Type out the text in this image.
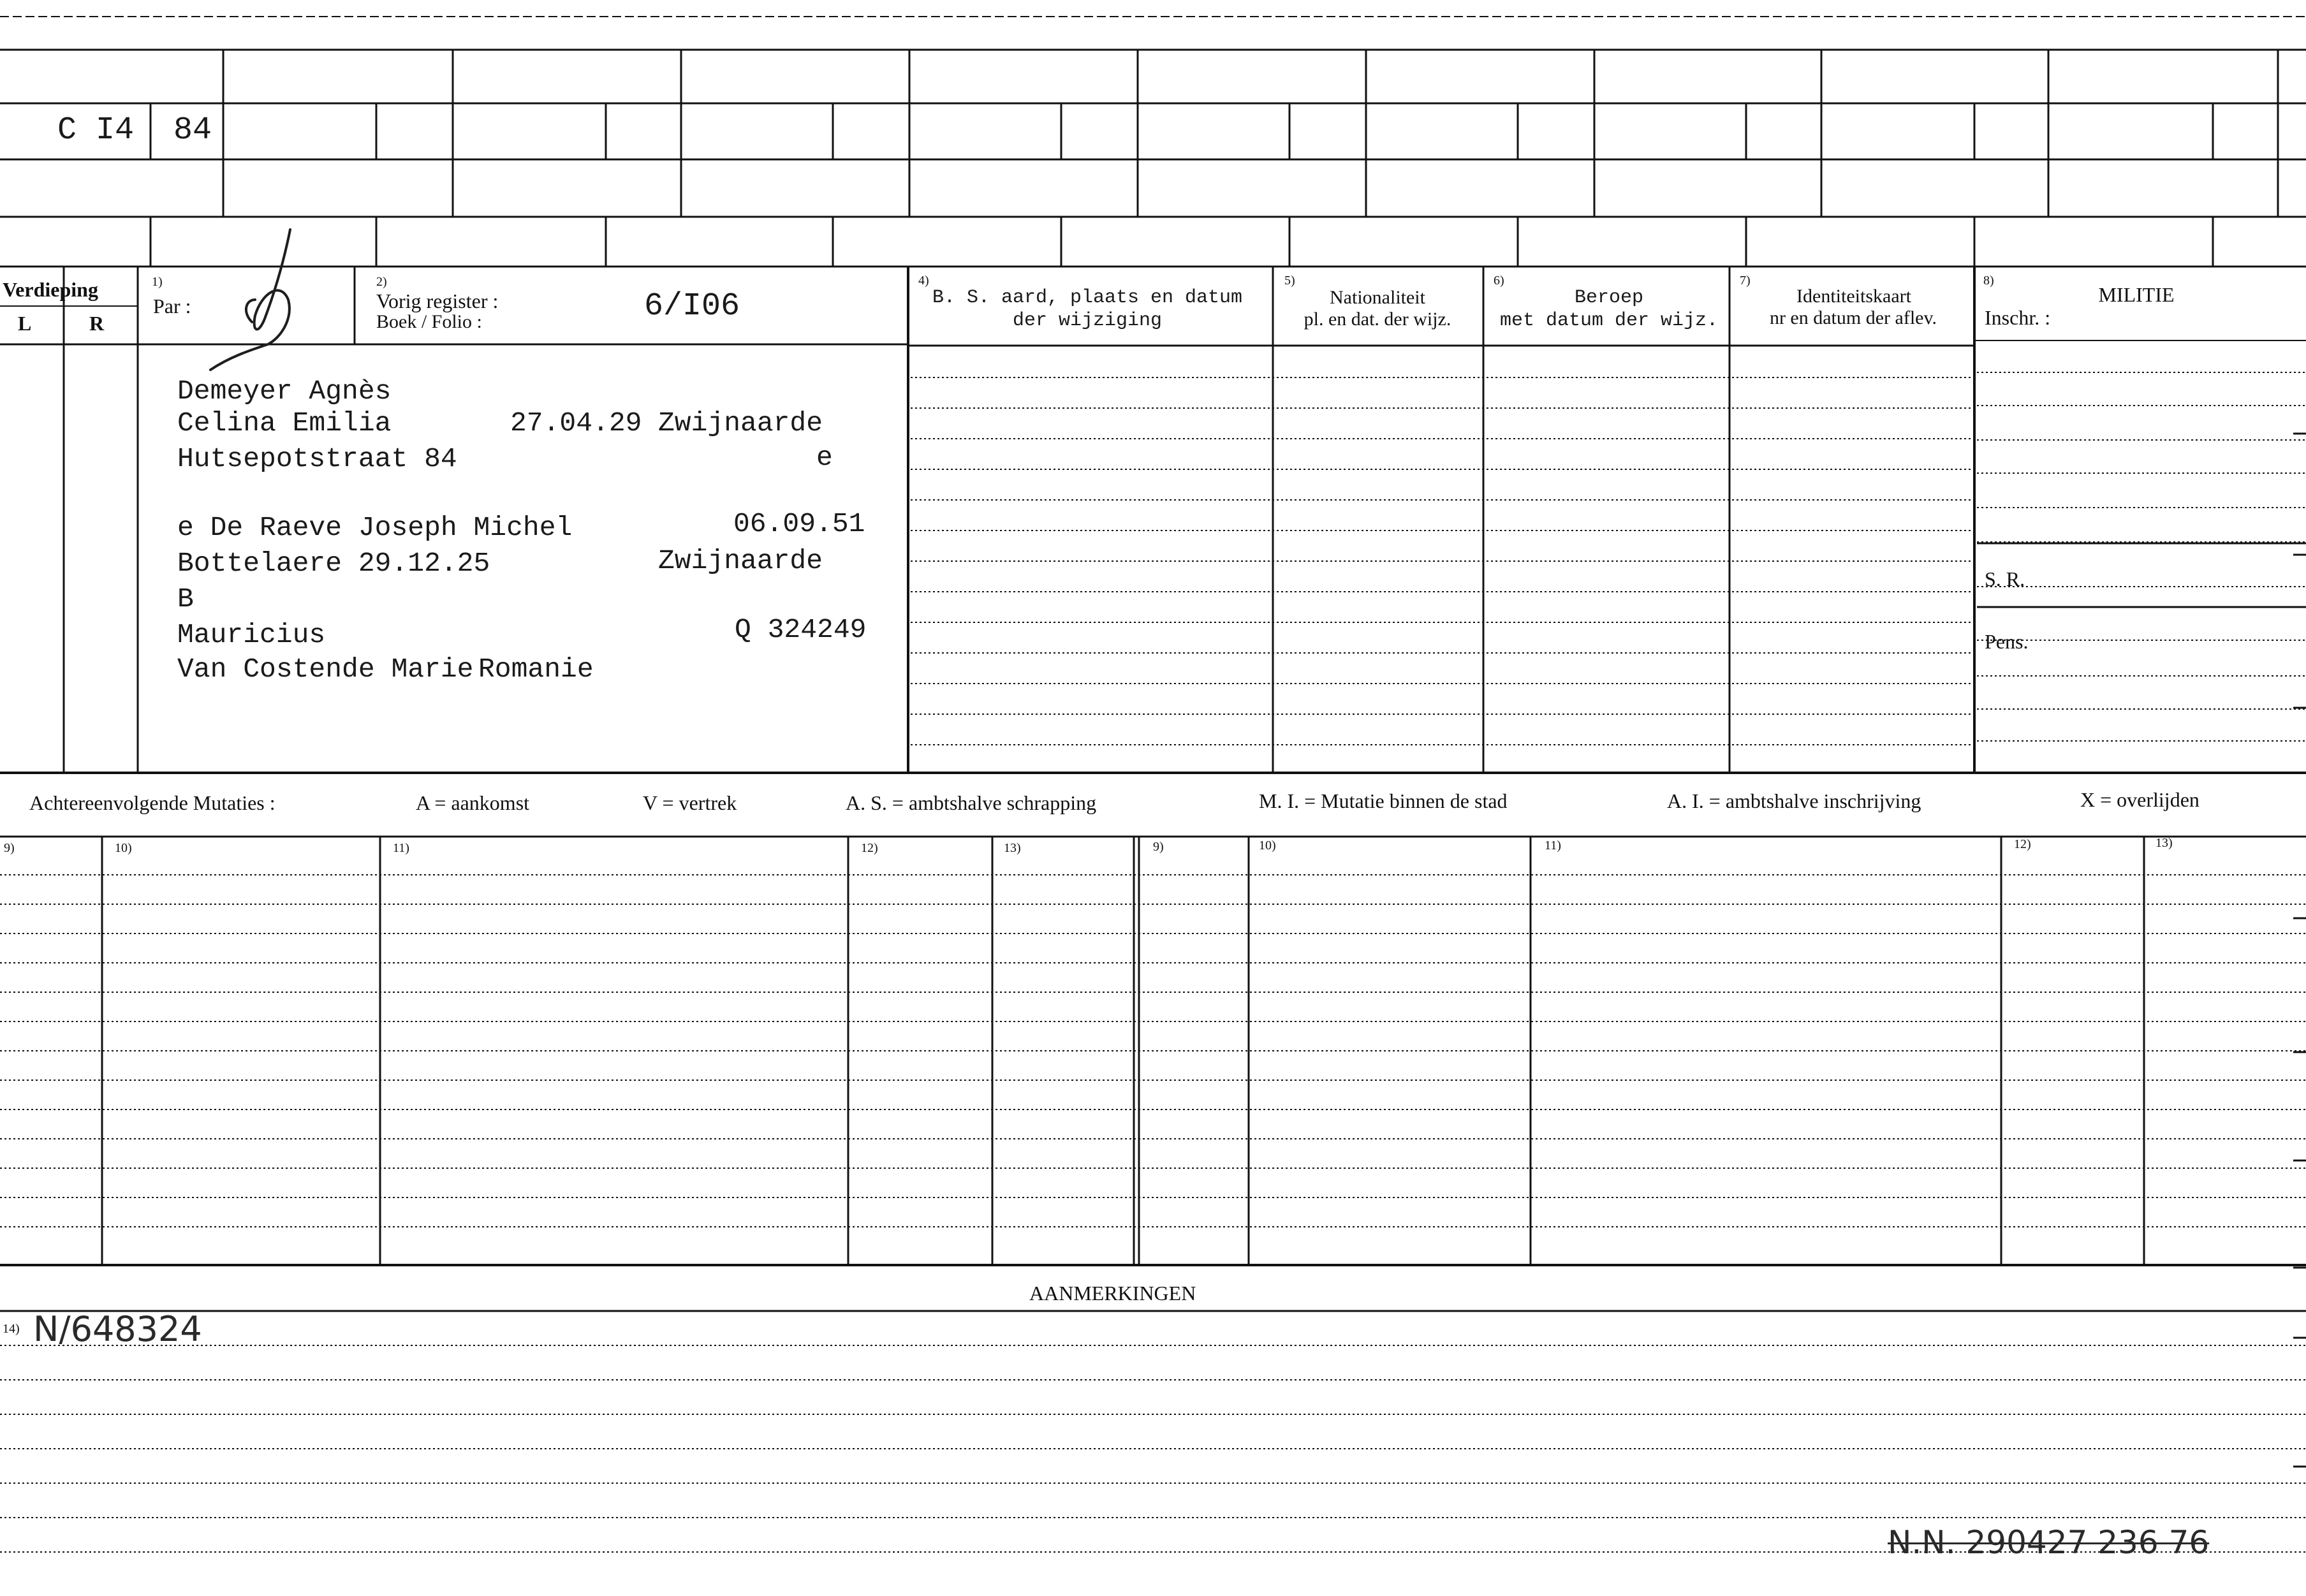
C I4 84
Verdieping
L	R
1)
Par :
2)
Vorig register :
Boek / Folio :	6/I06
4)
B. S. aard, plaats en datum
der wijziging
5)
Nationaliteit
pl. en dat. der wijz.
6)
Beroep
met datum der wijz.
7)
Identiteitskaart
nr en datum der aflev.
8)
MILITIE
Inschr. :
S. R.
Pens.
Demeyer Agnès
Celina Emilia	27.04.29 Zwijnaarde
Hutsepotstraat 84	e
e De Raeve Joseph Michel	06.09.51
Bottelaere 29.12.25	Zwijnaarde
B
Mauricius	Q 324249
Van Costende Marie Romanie
Achtereenvolgende Mutaties :	A = aankomst	V = vertrek	A. S. = ambtshalve schrapping	M. I. = Mutatie binnen de stad	A. I. = ambtshalve inschrijving	X = overlijden
9)	10)	11)	12)	13)	9)	10)	11)	12)	13)
AANMERKINGEN
14) N/648324
N.N. 290427 236 76
